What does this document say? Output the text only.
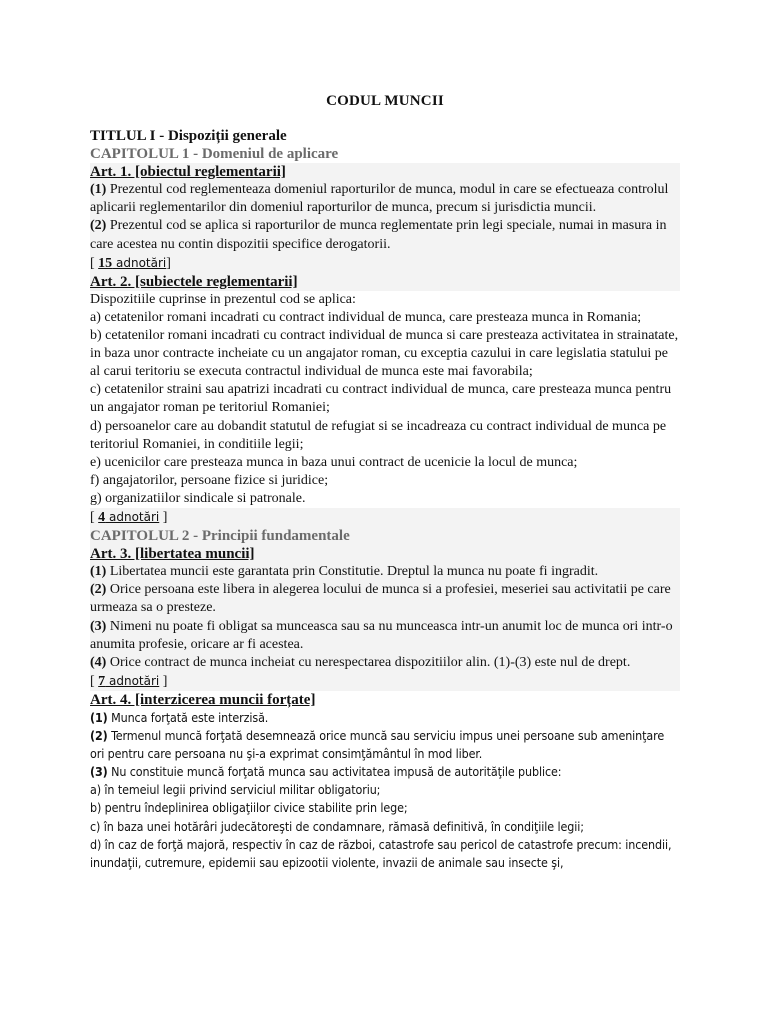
CODUL MUNCII
TITLUL I - Dispoziții generale
CAPITOLUL 1 - Domeniul de aplicare
Art. 1. [obiectul reglementarii]
(1) Prezentul cod reglementeaza domeniul raporturilor de munca, modul in care se efectueaza controlul aplicarii reglementarilor din domeniul raporturilor de munca, precum si jurisdictia muncii.
(2) Prezentul cod se aplica si raporturilor de munca reglementate prin legi speciale, numai in masura in care acestea nu contin dispozitii specifice derogatorii.
[ 15 adnotări]
Art. 2. [subiectele reglementarii]
Dispozitiile cuprinse in prezentul cod se aplica:
a) cetatenilor romani incadrati cu contract individual de munca, care presteaza munca in Romania;
b) cetatenilor romani incadrati cu contract individual de munca si care presteaza activitatea in strainatate, in baza unor contracte incheiate cu un angajator roman, cu exceptia cazului in care legislatia statului pe al carui teritoriu se executa contractul individual de munca este mai favorabila;
c) cetatenilor straini sau apatrizi incadrati cu contract individual de munca, care presteaza munca pentru un angajator roman pe teritoriul Romaniei;
d) persoanelor care au dobandit statutul de refugiat si se incadreaza cu contract individual de munca pe teritoriul Romaniei, in conditiile legii;
e) ucenicilor care presteaza munca in baza unui contract de ucenicie la locul de munca;
f) angajatorilor, persoane fizice si juridice;
g) organizatiilor sindicale si patronale.
[ 4 adnotări ]
CAPITOLUL 2 - Principii fundamentale
Art. 3. [libertatea muncii]
(1) Libertatea muncii este garantata prin Constitutie. Dreptul la munca nu poate fi ingradit.
(2) Orice persoana este libera in alegerea locului de munca si a profesiei, meseriei sau activitatii pe care urmeaza sa o presteze.
(3) Nimeni nu poate fi obligat sa munceasca sau sa nu munceasca intr-un anumit loc de munca ori intr-o anumita profesie, oricare ar fi acestea.
(4) Orice contract de munca incheiat cu nerespectarea dispozitiilor alin. (1)-(3) este nul de drept.
[ 7 adnotări ]
Art. 4. [interzicerea muncii forțate]
(1) Munca forţată este interzisă.
(2) Termenul muncă forţată desemnează orice muncă sau serviciu impus unei persoane sub ameninţare ori pentru care persoana nu şi-a exprimat consimţământul în mod liber.
(3) Nu constituie muncă forţată munca sau activitatea impusă de autorităţile publice:
a) în temeiul legii privind serviciul militar obligatoriu;
b) pentru îndeplinirea obligaţiilor civice stabilite prin lege;
c) în baza unei hotărâri judecătoreşti de condamnare, rămasă definitivă, în condiţiile legii;
d) în caz de forţă majoră, respectiv în caz de război, catastrofe sau pericol de catastrofe precum: incendii, inundaţii, cutremure, epidemii sau epizootii violente, invazii de animale sau insecte şi,
